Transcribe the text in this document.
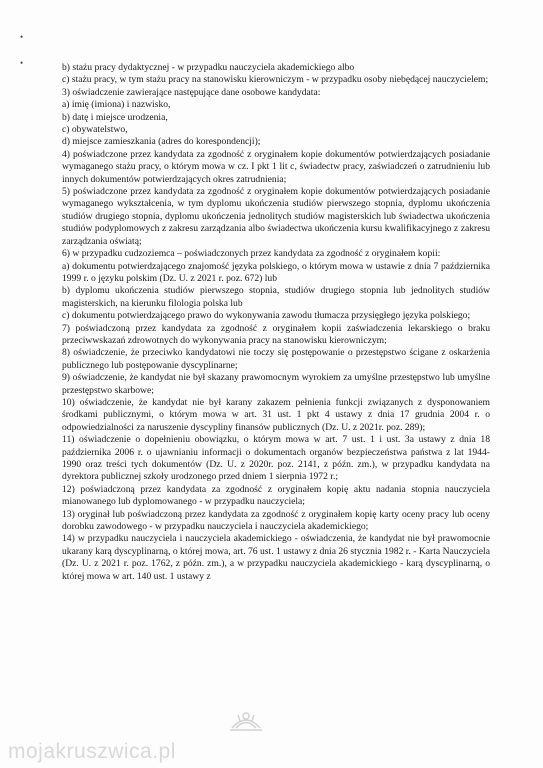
•
•	b) stażu pracy dydaktycznej - w przypadku nauczyciela akademickiego albo

c) stażu pracy, w tym stażu pracy na stanowisku kierowniczym - w przypadku osoby niebędącej nauczycielem;

3) oświadczenie zawierające następujące dane osobowe kandydata:

a) imię (imiona) i nazwisko,

b) datę i miejsce urodzenia,

c) obywatelstwo,

d) miejsce zamieszkania (adres do korespondencji);

4) poświadczone przez kandydata za zgodność z oryginałem kopie dokumentów potwierdzających posiadanie wymaganego stażu pracy, o którym mowa w cz. I pkt 1 lit c, świadectw pracy, zaświadczeń o zatrudnieniu lub innych dokumentów potwierdzających okres zatrudnienia;

5) poświadczone przez kandydata za zgodność z oryginałem kopie dokumentów potwierdzających posiadanie wymaganego wykształcenia, w tym dyplomu ukończenia studiów pierwszego stopnia, dyplomu ukończenia studiów drugiego stopnia, dyplomu ukończenia jednolitych studiów magisterskich lub świadectwa ukończenia studiów podyplomowych z zakresu zarządzania albo świadectwa ukończenia kursu kwalifikacyjnego z zakresu zarządzania oświatą;

6) w przypadku cudzoziemca – poświadczonych przez kandydata za zgodność z oryginałem kopii:

a) dokumentu potwierdzającego znajomość języka polskiego, o którym mowa w ustawie z dnia 7 października 1999 r. o języku polskim (Dz. U. z 2021 r. poz. 672) lub

b) dyplomu ukończenia studiów pierwszego stopnia, studiów drugiego stopnia lub jednolitych studiów magisterskich, na kierunku filologia polska lub

c) dokumentu potwierdzającego prawo do wykonywania zawodu tłumacza przysięgłego języka polskiego;

7) poświadczoną przez kandydata za zgodność z oryginałem kopii zaświadczenia lekarskiego o braku przeciwwskazań zdrowotnych do wykonywania pracy na stanowisku kierowniczym;

8) oświadczenie, że przeciwko kandydatowi nie toczy się postępowanie o przestępstwo ścigane z oskarżenia publicznego lub postępowanie dyscyplinarne;

9) oświadczenie, że kandydat nie był skazany prawomocnym wyrokiem za umyślne przestępstwo lub umyślne przestępstwo skarbowe;

10) oświadczenie, że kandydat nie był karany zakazem pełnienia funkcji związanych z dysponowaniem środkami publicznymi, o którym mowa w art. 31 ust. 1 pkt 4 ustawy z dnia 17 grudnia 2004 r. o odpowiedzialności za naruszenie dyscypliny finansów publicznych (Dz. U. z 2021r. poz. 289);

11) oświadczenie o dopełnieniu obowiązku, o którym mowa w art. 7 ust. 1 i ust. 3a ustawy z dnia 18 października 2006 r. o ujawnianiu informacji o dokumentach organów bezpieczeństwa państwa z lat 1944-1990 oraz treści tych dokumentów (Dz. U. z 2020r. poz. 2141, z późn. zm.), w przypadku kandydata na dyrektora publicznej szkoły urodzonego przed dniem 1 sierpnia 1972 r.;

12) poświadczoną przez kandydata za zgodność z oryginałem kopię aktu nadania stopnia nauczyciela mianowanego lub dyplomowanego - w przypadku nauczyciela;

13) oryginał lub poświadczoną przez kandydata za zgodność z oryginałem kopię karty oceny pracy lub oceny dorobku zawodowego - w przypadku nauczyciela i nauczyciela akademickiego;

14) w przypadku nauczyciela i nauczyciela akademickiego - oświadczenia, że kandydat nie był prawomocnie ukarany karą dyscyplinarną, o której mowa, art. 76 ust. 1 ustawy z dnia 26 stycznia 1982 r. - Karta Nauczyciela (Dz. U. z 2021 r. poz. 1762, z późn. zm.), a w przypadku nauczyciela akademickiego - karą dyscyplinarną, o której mowa w art. 140 ust. 1 ustawy z

mojakruszwica.pl
